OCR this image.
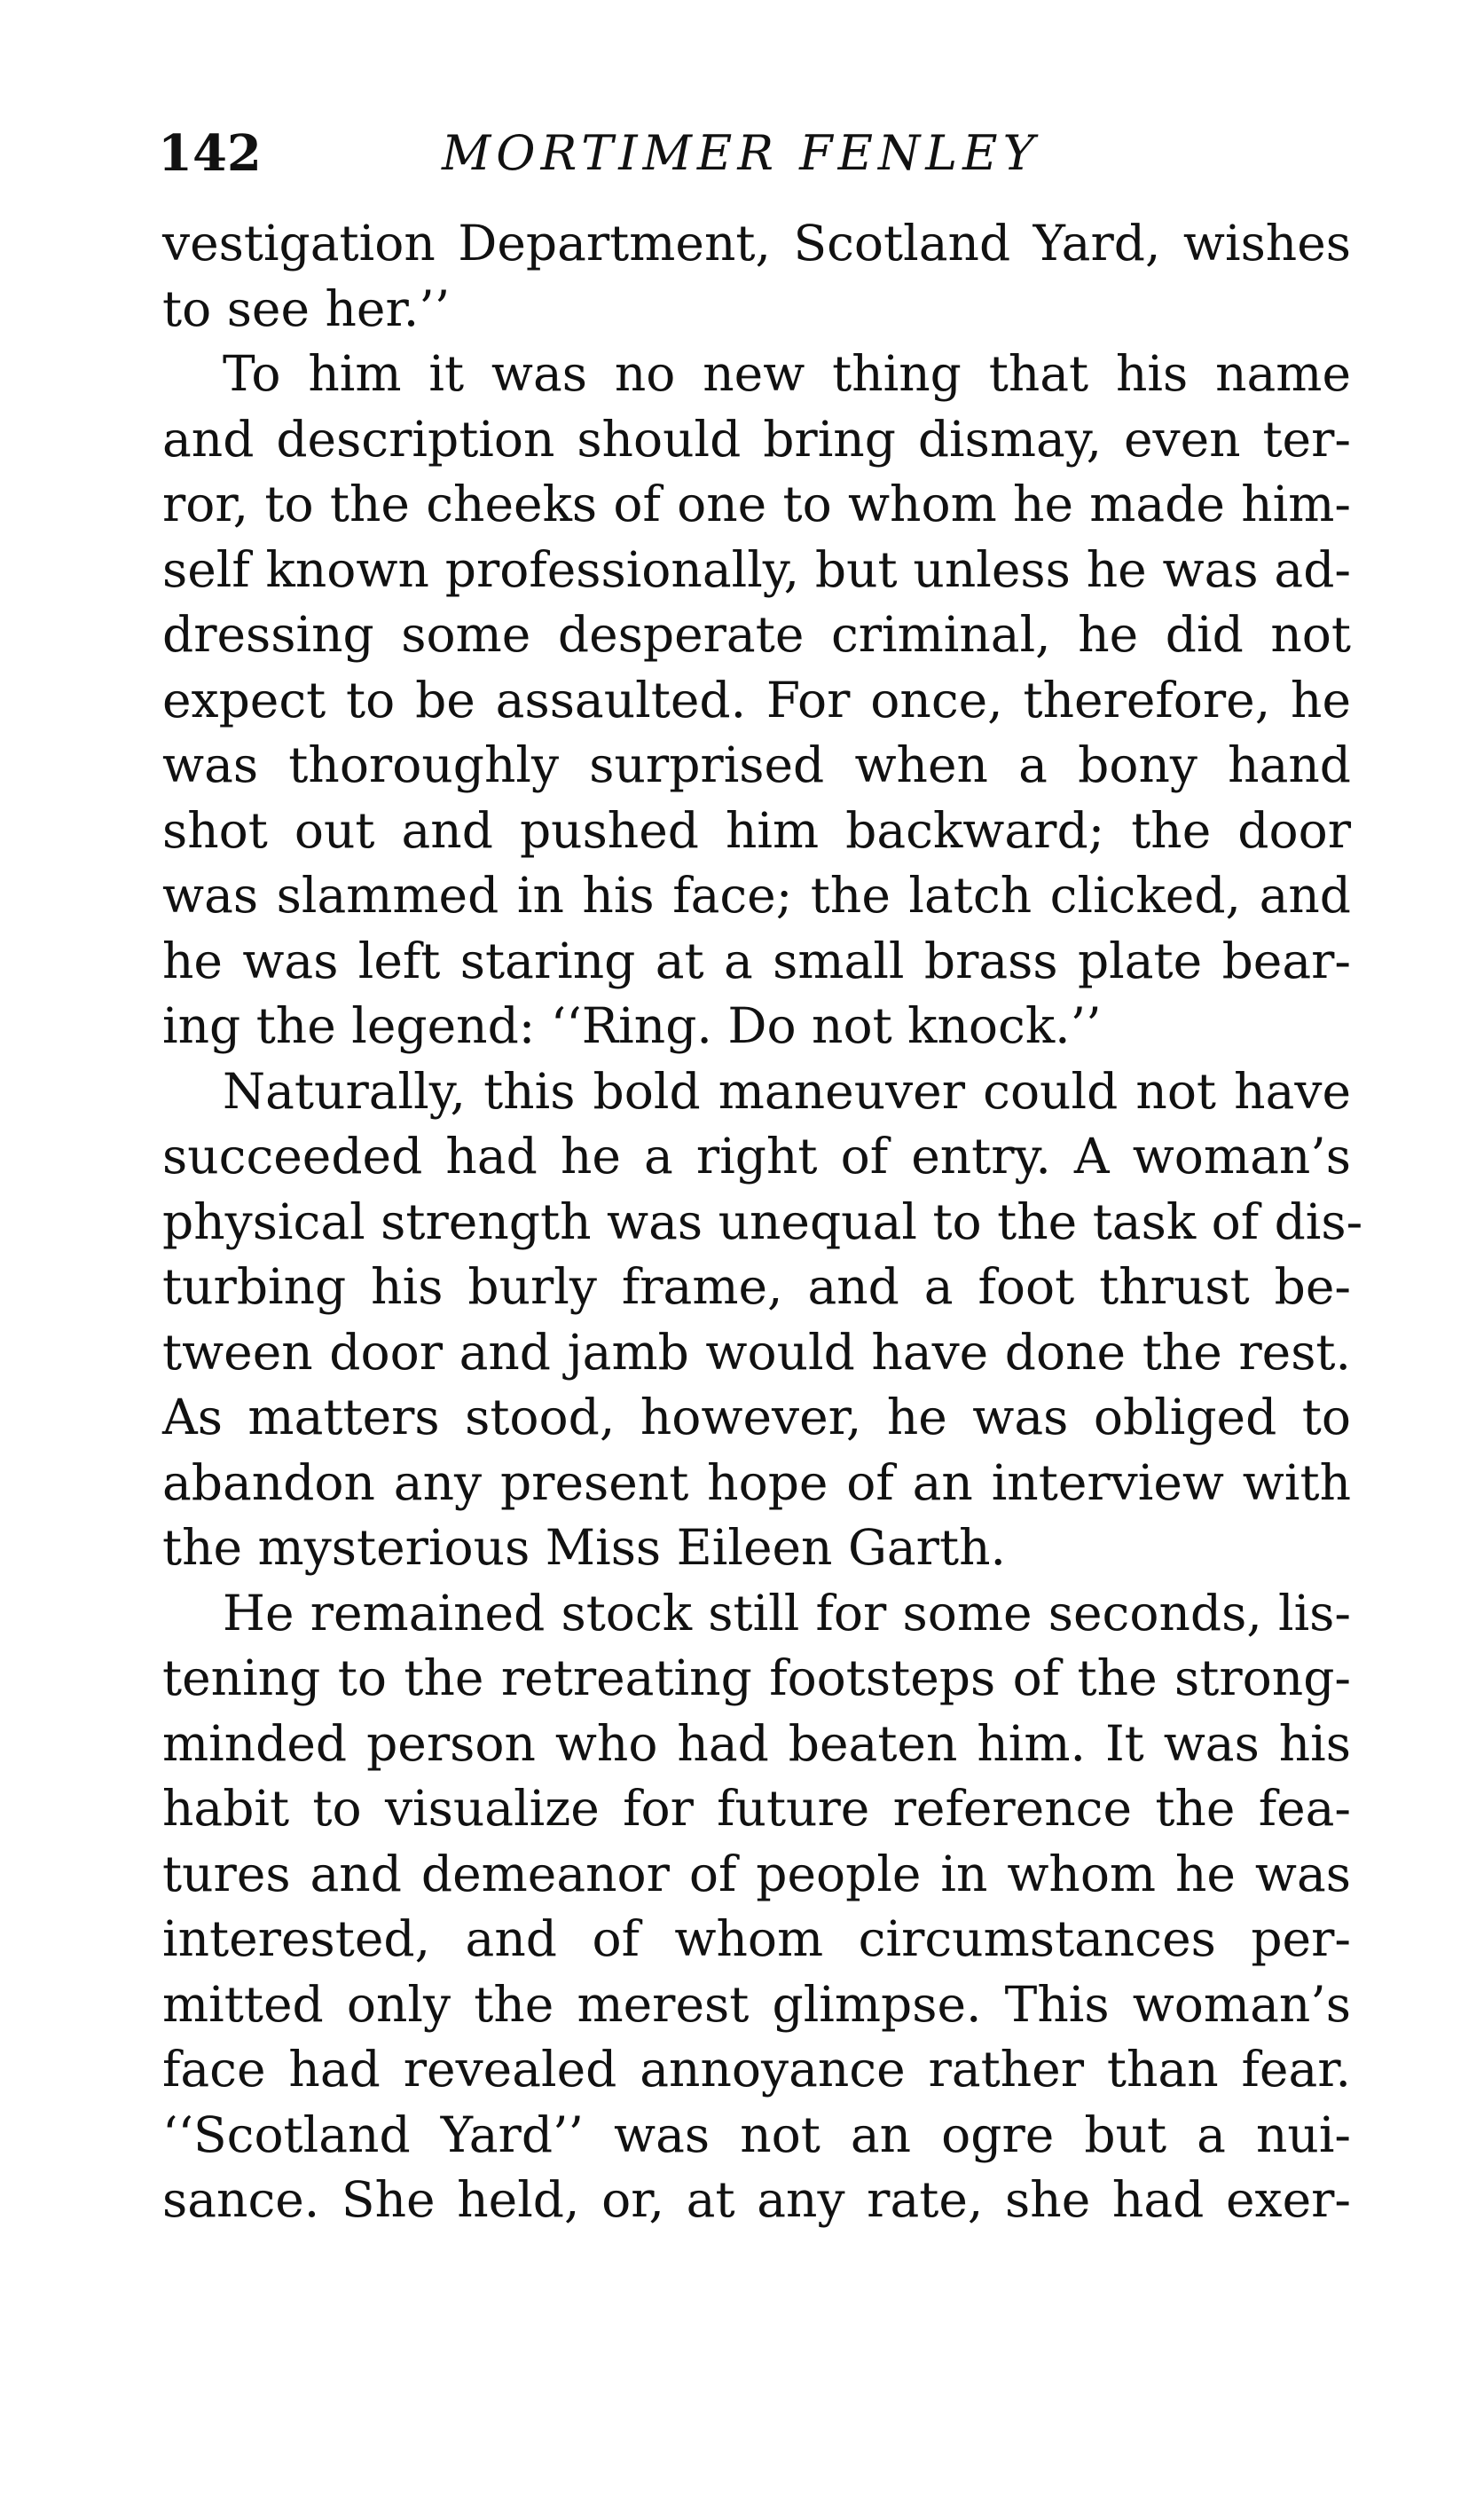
142	MORTIMER FENLEY

vestigation Department, Scotland Yard, wishes
to see her.’’

To him it was no new thing that his name
and description should bring dismay, even ter-
ror, to the cheeks of one to whom he made him-
self known professionally, but unless he was ad-
dressing some desperate criminal, he did not
expect to be assaulted. For once, therefore, he
was thoroughly surprised when a bony hand
shot out and pushed him backward; the door
was slammed in his face; the latch clicked, and
he was left staring at a small brass plate bear-
ing the legend: ‘‘Ring. Do not knock.’’

Naturally, this bold maneuver could not have
succeeded had he a right of entry. A woman’s
physical strength was unequal to the task of dis-
turbing his burly frame, and a foot thrust be-
tween door and jamb would have done the rest.
As matters stood, however, he was obliged to
abandon any present hope of an interview with
the mysterious Miss Eileen Garth.

He remained stock still for some seconds, lis-
tening to the retreating footsteps of the strong-
minded person who had beaten him. It was his
habit to visualize for future reference the fea-
tures and demeanor of people in whom he was
interested, and of whom circumstances per-
mitted only the merest glimpse. This woman’s
face had revealed annoyance rather than fear.
‘‘Scotland Yard’’ was not an ogre but a nui-
sance. She held, or, at any rate, she had exer-
